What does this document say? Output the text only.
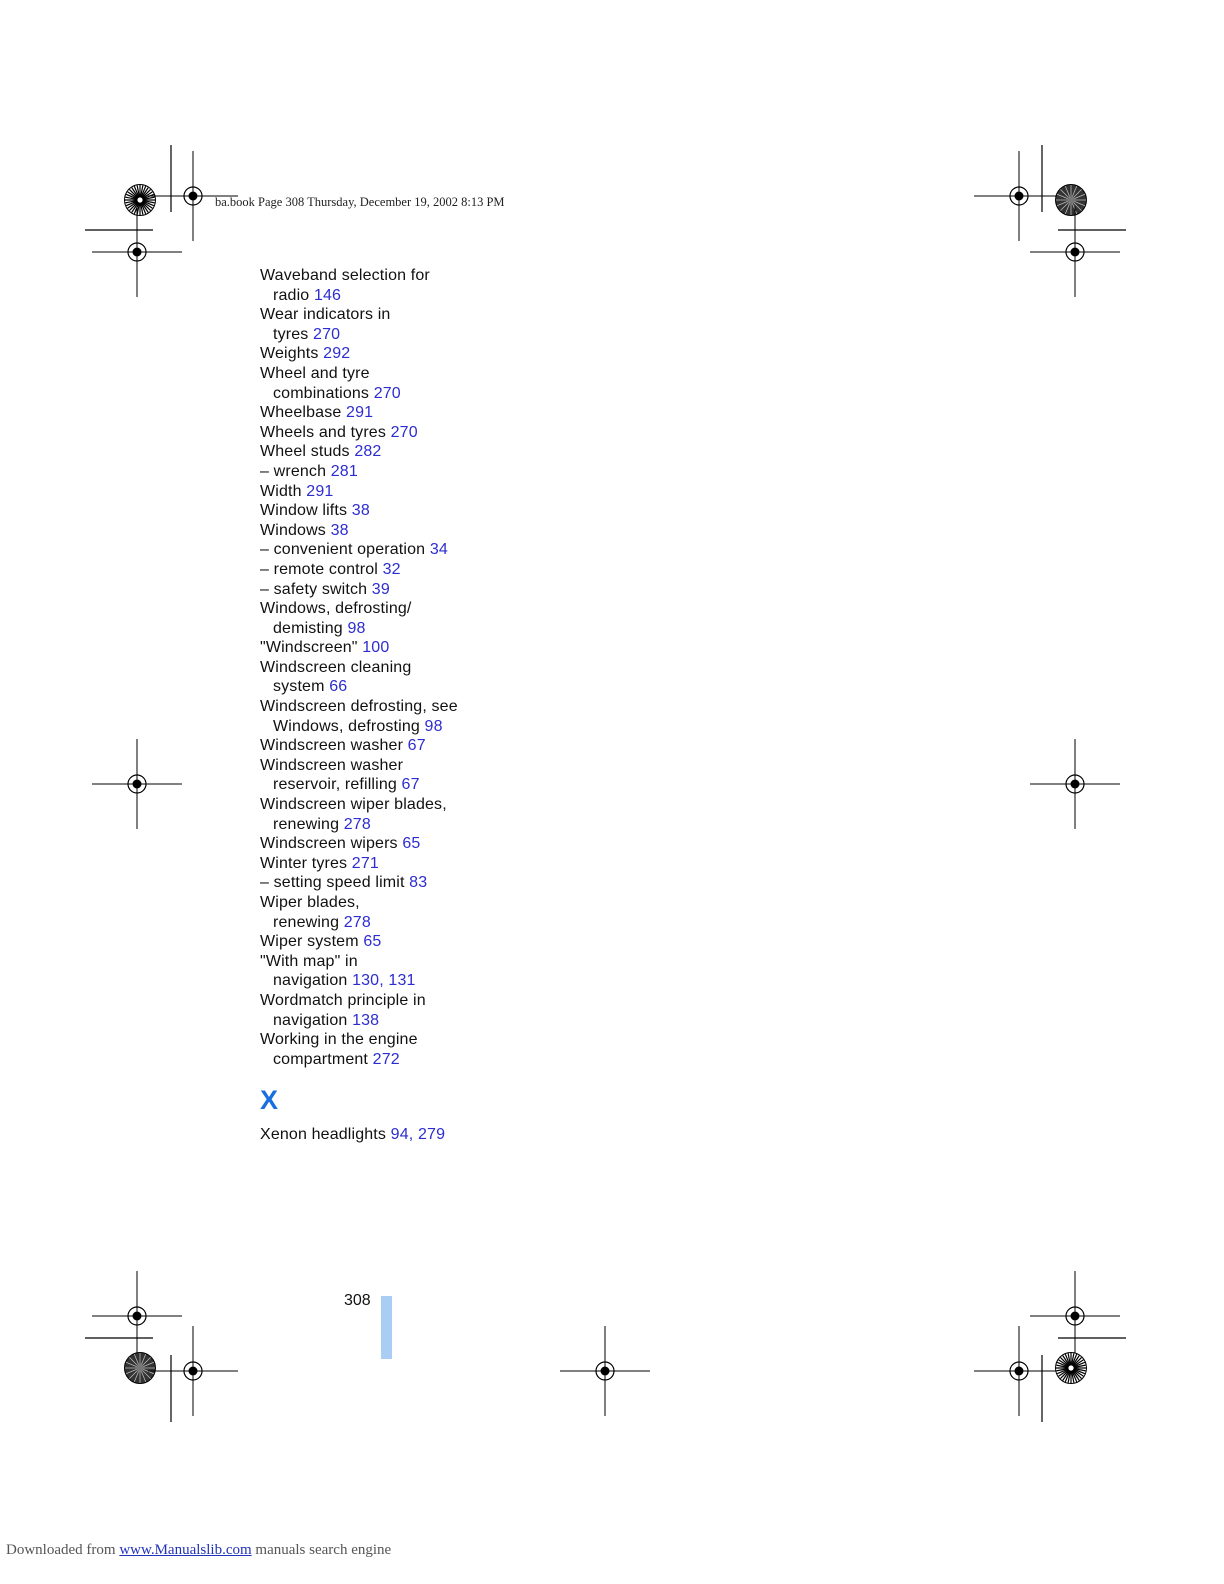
ba.book Page 308 Thursday, December 19, 2002 8:13 PM

Waveband selection for
radio 146

Wear indicators in
tyres 270

Weights 292

Wheel and tyre
combinations 270

Wheelbase 291

Wheels and tyres 270

Wheel studs 282

– wrench 281

Width 291

Window lifts 38

Windows 38

– convenient operation 34

– remote control 32

– safety switch 39

Windows, defrosting/
demisting 98

"Windscreen" 100

Windscreen cleaning
system 66

Windscreen defrosting, see
Windows, defrosting 98

Windscreen washer 67

Windscreen washer
reservoir, refilling 67

Windscreen wiper blades,
renewing 278

Windscreen wipers 65

Winter tyres 271

– setting speed limit 83

Wiper blades,
renewing 278

Wiper system 65

"With map" in
navigation 130, 131

Wordmatch principle in
navigation 138

Working in the engine
compartment 272

X

Xenon headlights 94, 279

308
Downloaded from www.Manualslib.com manuals search engine
